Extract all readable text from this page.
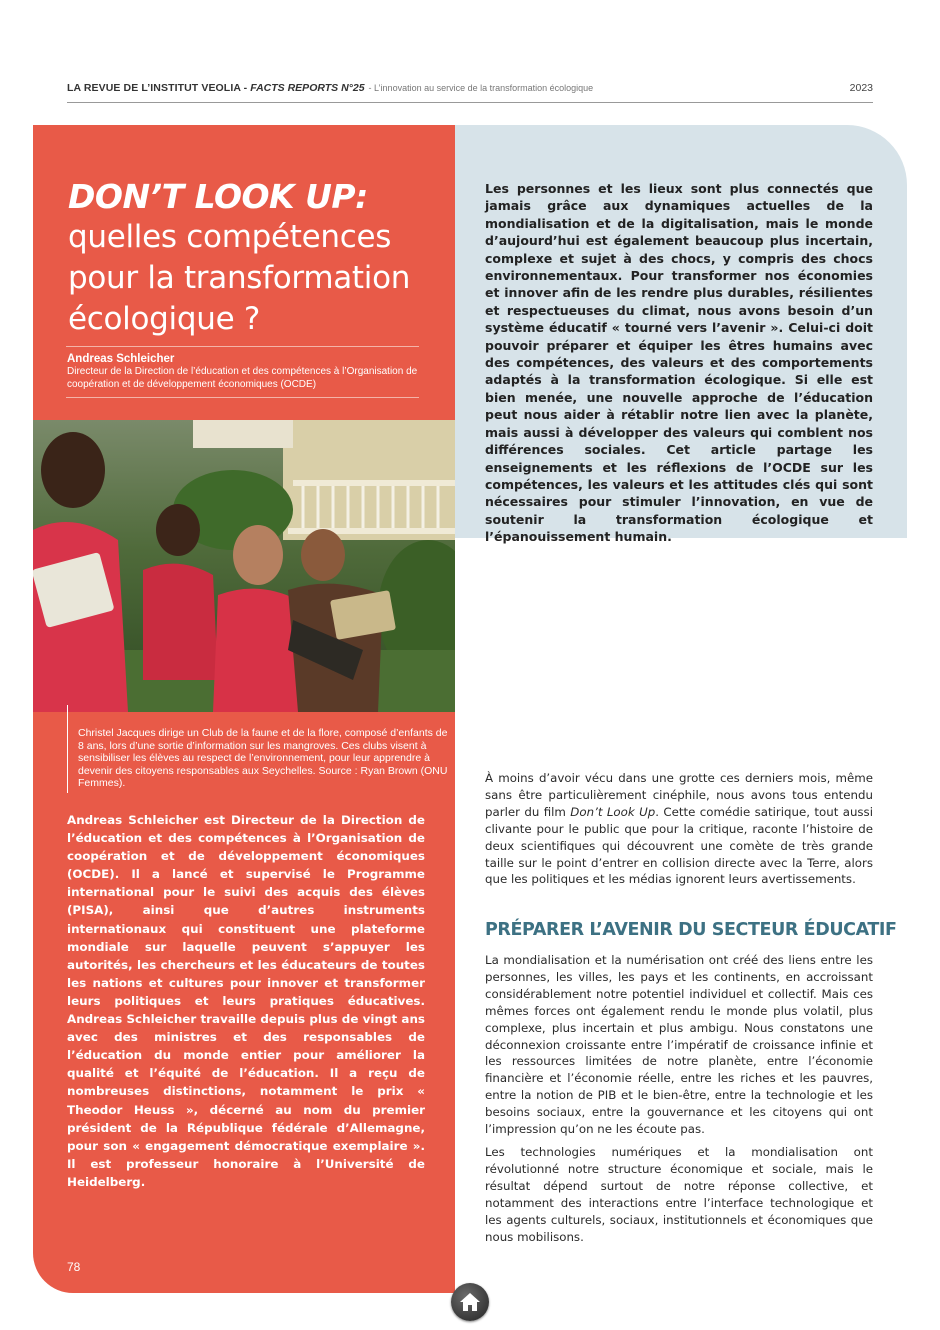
LA REVUE DE L’INSTITUT VEOLIA - FACTS REPORTS N°25 - L’innovation au service de la transformation écologique	2023
DON’T LOOK UP:
quelles compétences
pour la transformation
écologique ?
Andreas Schleicher
Directeur de la Direction de l’éducation et des compétences à l’Organisation de coopération et de développement économiques (OCDE)
Christel Jacques dirige un Club de la faune et de la flore, composé d’enfants de 8 ans, lors d’une sortie d’information sur les mangroves. Ces clubs visent à sensibiliser les élèves au respect de l’environnement, pour leur apprendre à devenir des citoyens responsables aux Seychelles. Source : Ryan Brown (ONU Femmes).
Andreas Schleicher est Directeur de la Direction de l’éducation et des compétences à l’Organisation de coopération et de développement économiques (OCDE). Il a lancé et supervisé le Programme international pour le suivi des acquis des élèves (PISA), ainsi que d’autres instruments internationaux qui constituent une plateforme mondiale sur laquelle peuvent s’appuyer les autorités, les chercheurs et les éducateurs de toutes les nations et cultures pour innover et transformer leurs politiques et leurs pratiques éducatives. Andreas Schleicher travaille depuis plus de vingt ans avec des ministres et des responsables de l’éducation du monde entier pour améliorer la qualité et l’équité de l’éducation. Il a reçu de nombreuses distinctions, notamment le prix « Theodor Heuss », décerné au nom du premier président de la République fédérale d’Allemagne, pour son « engagement démocratique exemplaire ». Il est professeur honoraire à l’Université de Heidelberg.
78
Les personnes et les lieux sont plus connectés que jamais grâce aux dynamiques actuelles de la mondialisation et de la digitalisation, mais le monde d’aujourd’hui est également beaucoup plus incertain, complexe et sujet à des chocs, y compris des chocs environnementaux. Pour transformer nos économies et innover afin de les rendre plus durables, résilientes et respectueuses du climat, nous avons besoin d’un système éducatif « tourné vers l’avenir ». Celui-ci doit pouvoir préparer et équiper les êtres humains avec des compétences, des valeurs et des comportements adaptés à la transformation écologique. Si elle est bien menée, une nouvelle approche de l’éducation peut nous aider à rétablir notre lien avec la planète, mais aussi à développer des valeurs qui comblent nos différences sociales. Cet article partage les enseignements et les réflexions de l’OCDE sur les compétences, les valeurs et les attitudes clés qui sont nécessaires pour stimuler l’innovation, en vue de soutenir la transformation écologique et l’épanouissement humain.
À moins d’avoir vécu dans une grotte ces derniers mois, même sans être particulièrement cinéphile, nous avons tous entendu parler du film Don’t Look Up. Cette comédie satirique, tout aussi clivante pour le public que pour la critique, raconte l’histoire de deux scientifiques qui découvrent une comète de très grande taille sur le point d’entrer en collision directe avec la Terre, alors que les politiques et les médias ignorent leurs avertissements.
PRÉPARER L’AVENIR DU SECTEUR ÉDUCATIF
La mondialisation et la numérisation ont créé des liens entre les personnes, les villes, les pays et les continents, en accroissant considérablement notre potentiel individuel et collectif. Mais ces mêmes forces ont également rendu le monde plus volatil, plus complexe, plus incertain et plus ambigu. Nous constatons une déconnexion croissante entre l’impératif de croissance infinie et les ressources limitées de notre planète, entre l’économie financière et l’économie réelle, entre les riches et les pauvres, entre la notion de PIB et le bien-être, entre la technologie et les besoins sociaux, entre la gouvernance et les citoyens qui ont l’impression qu’on ne les écoute pas.
Les technologies numériques et la mondialisation ont révolutionné notre structure économique et sociale, mais le résultat dépend surtout de notre réponse collective, et notamment des interactions entre l’interface technologique et les agents culturels, sociaux, institutionnels et économiques que nous mobilisons.
